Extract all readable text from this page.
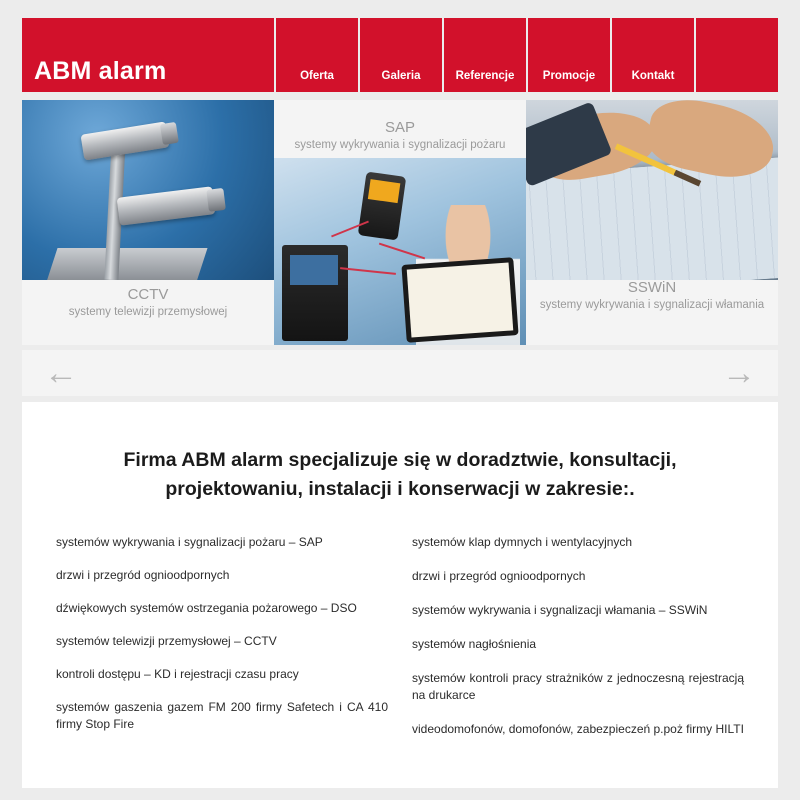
ABM alarm	Oferta	Galeria	Referencje Promocje	Kontakt
CCTV
systemy telewizji przemysłowej
SAP
systemy wykrywania i sygnalizacji pożaru
SSWiN
systemy wykrywania i sygnalizacji włamania
←	→
Firma ABM alarm specjalizuje się w doradztwie, konsultacji, projektowaniu, instalacji i konserwacji w zakresie:.
systemów wykrywania i sygnalizacji pożaru – SAP
drzwi i przegród ognioodpornych
dźwiękowych systemów ostrzegania pożarowego – DSO
systemów telewizji przemysłowej – CCTV
kontroli dostępu – KD i rejestracji czasu pracy
systemów gaszenia gazem FM 200 firmy Safetech i CA 410 firmy Stop Fire
systemów klap dymnych i wentylacyjnych
drzwi i przegród ognioodpornych
systemów wykrywania i sygnalizacji włamania – SSWiN
systemów nagłośnienia
systemów kontroli pracy strażników z jednoczesną rejestracją na drukarce
videodomofonów, domofonów, zabezpieczeń p.poż firmy HILTI
